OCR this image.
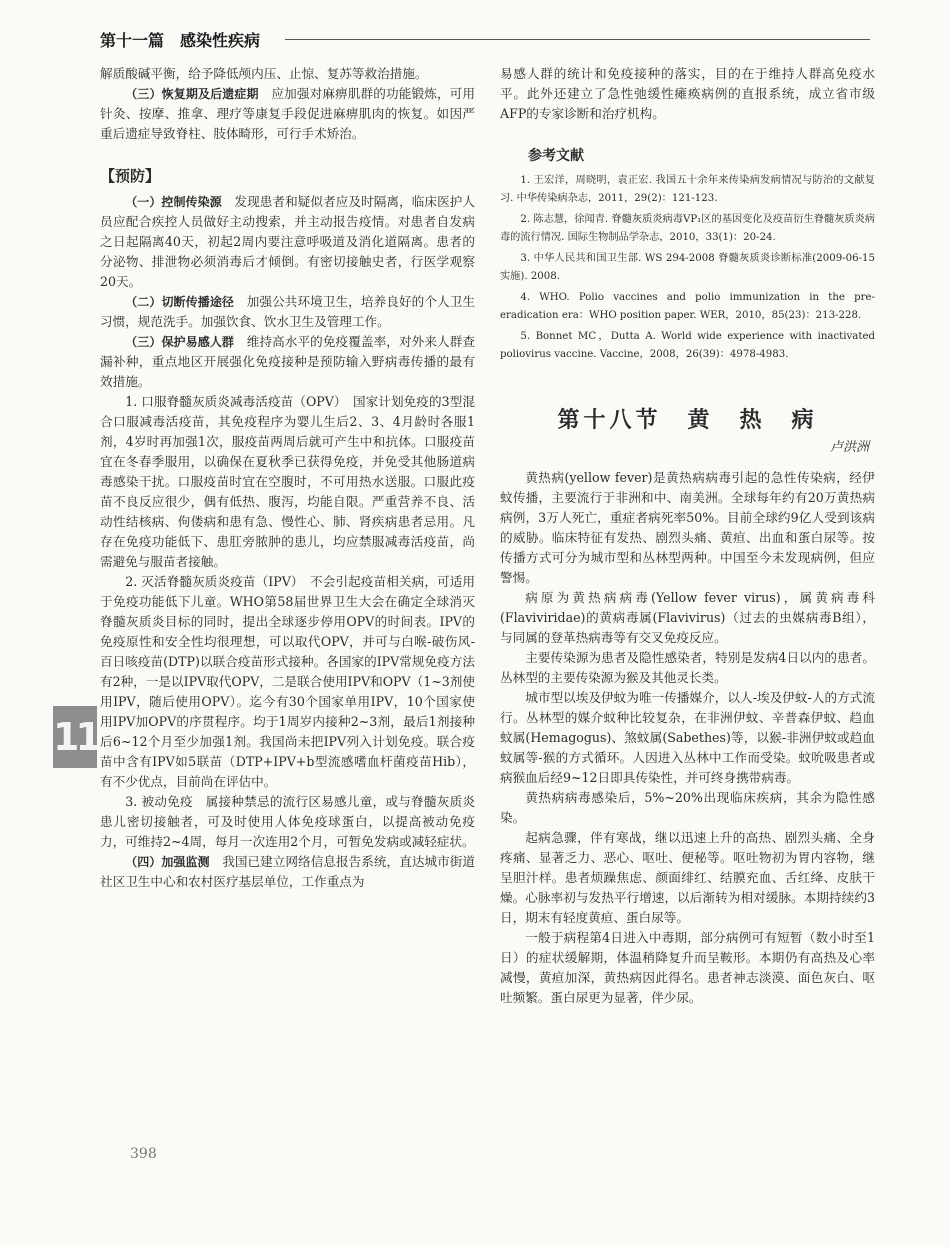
第十一篇　感染性疾病

解质酸碱平衡，给予降低颅内压、止惊、复苏等救治措施。

（三）恢复期及后遗症期　 应加强对麻痹肌群的功能锻炼，可用针灸、按摩、推拿、理疗等康复手段促进麻痹肌肉的恢复。如因严重后遗症导致脊柱、肢体畸形，可行手术矫治。

【预防】

（一）控制传染源　 发现患者和疑似者应及时隔离，临床医护人员应配合疾控人员做好主动搜索，并主动报告疫情。对患者自发病之日起隔离40天，初起2周内要注意呼吸道及消化道隔离。患者的分泌物、排泄物必须消毒后才倾倒。有密切接触史者，行医学观察20天。

（二）切断传播途径　 加强公共环境卫生，培养良好的个人卫生习惯，规范洗手。加强饮食、饮水卫生及管理工作。

（三）保护易感人群　 维持高水平的免疫覆盖率，对外来人群查漏补种，重点地区开展强化免疫接种是预防输入野病毒传播的最有效措施。

1. 口服脊髓灰质炎减毒活疫苗（OPV）　 国家计划免疫的3型混合口服减毒活疫苗，其免疫程序为婴儿生后2、3、4月龄时各服1剂，4岁时再加强1次，服疫苗两周后就可产生中和抗体。口服疫苗宜在冬春季服用，以确保在夏秋季已获得免疫，并免受其他肠道病毒感染干扰。口服疫苗时宜在空腹时，不可用热水送服。口服此疫苗不良反应很少，偶有低热、腹泻，均能自限。严重营养不良、活动性结核病、佝偻病和患有急、慢性心、肺、肾疾病患者忌用。凡存在免疫功能低下、患肛旁脓肿的患儿，均应禁服减毒活疫苗，尚需避免与服苗者接触。

2. 灭活脊髓灰质炎疫苗（IPV）　 不会引起疫苗相关病，可适用于免疫功能低下儿童。WHO第58届世界卫生大会在确定全球消灭脊髓灰质炎目标的同时，提出全球逐步停用OPV的时间表。IPV的免疫原性和安全性均很理想，可以取代OPV，并可与白喉-破伤风-百日咳疫苗(DTP)以联合疫苗形式接种。各国家的IPV常规免疫方法有2种，一是以IPV取代OPV，二是联合使用IPV和OPV（1~3剂使用IPV，随后使用OPV）。迄今有30个国家单用IPV，10个国家使用IPV加OPV的序贯程序。均于1周岁内接种2~3剂，最后1剂接种后6~12个月至少加强1剂。我国尚未把IPV列入计划免疫。联合疫苗中含有IPV如5联苗（DTP+IPV+b型流感嗜血杆菌疫苗Hib），有不少优点，目前尚在评估中。

3. 被动免疫　 属接种禁忌的流行区易感儿童，或与脊髓灰质炎患儿密切接触者，可及时使用人体免疫球蛋白，以提高被动免疫力，可维持2~4周，每月一次连用2个月，可暂免发病或减轻症状。

（四）加强监测　 我国已建立网络信息报告系统，直达城市街道社区卫生中心和农村医疗基层单位，工作重点为

易感人群的统计和免疫接种的落实，目的在于维持人群高免疫水平。此外还建立了急性弛缓性瘫痪病例的直报系统，成立省市级AFP的专家诊断和治疗机构。

参考文献

1. 王宏洋，周晓明，袁正宏. 我国五十余年来传染病发病情况与防治的文献复习. 中华传染病杂志，2011，29(2)：121-123.

2. 陈志慧，徐闻青. 脊髓灰质炎病毒VP₁区的基因变化及疫苗衍生脊髓灰质炎病毒的流行情况. 国际生物制品学杂志，2010，33(1)：20-24.

3. 中华人民共和国卫生部. WS 294-2008 脊髓灰质炎诊断标准(2009-06-15实施). 2008.

4. WHO. Polio vaccines and polio immunization in the pre-eradication era：WHO position paper. WER，2010，85(23)：213-228.

5. Bonnet MC，Dutta A. World wide experience with inactivated poliovirus vaccine. Vaccine，2008，26(39)：4978-4983.

第十八节　黄　热　病
卢洪洲

黄热病(yellow fever)是黄热病病毒引起的急性传染病，经伊蚊传播，主要流行于非洲和中、南美洲。全球每年约有20万黄热病病例，3万人死亡，重症者病死率50%。目前全球约9亿人受到该病的威胁。临床特征有发热、剧烈头痛、黄疸、出血和蛋白尿等。按传播方式可分为城市型和丛林型两种。中国至今未发现病例，但应警惕。

病原为黄热病病毒(Yellow fever virus)，属黄病毒科(Flaviviridae)的黄病毒属(Flavivirus)（过去的虫媒病毒B组），与同属的登革热病毒等有交叉免疫反应。

主要传染源为患者及隐性感染者，特别是发病4日以内的患者。丛林型的主要传染源为猴及其他灵长类。

城市型以埃及伊蚊为唯一传播媒介，以人-埃及伊蚊-人的方式流行。丛林型的媒介蚊种比较复杂，在非洲伊蚊、辛普森伊蚊、趋血蚊属(Hemagogus)、煞蚊属(Sabethes)等，以猴-非洲伊蚊或趋血蚊属等-猴的方式循环。人因进入丛林中工作而受染。蚊吮吸患者或病猴血后经9~12日即具传染性，并可终身携带病毒。

黄热病病毒感染后，5%~20%出现临床疾病，其余为隐性感染。

起病急骤，伴有寒战，继以迅速上升的高热、剧烈头痛、全身疼痛、显著乏力、恶心、呕吐、便秘等。呕吐物初为胃内容物，继呈胆汁样。患者烦躁焦虑、颜面绯红、结膜充血、舌红绛、皮肤干燥。心脉率初与发热平行增速，以后渐转为相对缓脉。本期持续约3日，期末有轻度黄疸、蛋白尿等。

一般于病程第4日进入中毒期，部分病例可有短暂（数小时至1日）的症状缓解期，体温稍降复升而呈鞍形。本期仍有高热及心率减慢，黄疸加深，黄热病因此得名。患者神志淡漠、面色灰白、呕吐频繁。蛋白尿更为显著，伴少尿。

11
398
